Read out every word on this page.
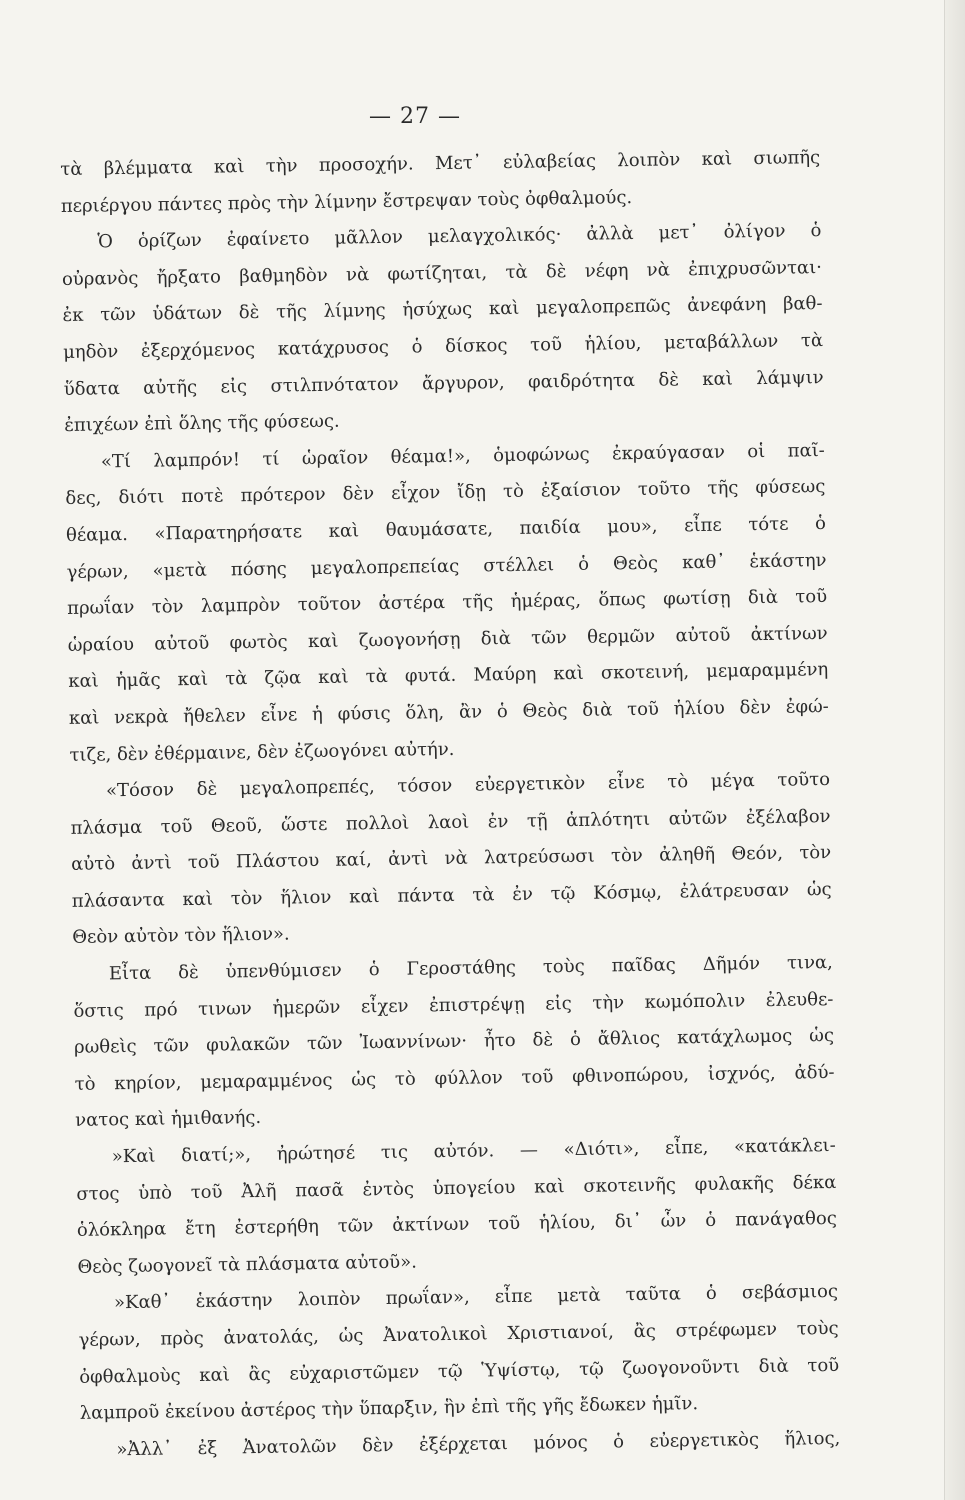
— 27 —
τὰ βλέμματα καὶ τὴν προσοχήν. Μετ᾽ εὐλαβείας λοιπὸν καὶ σιωπῆς
περιέργου πάντες πρὸς τὴν λίμνην ἔστρεψαν τοὺς ὀφθαλμούς.
Ὁ ὁρίζων ἐφαίνετο μᾶλλον μελαγχολικός· ἀλλὰ μετ᾽ ὀλίγον ὁ
οὐρανὸς ἤρξατο βαθμηδὸν νὰ φωτίζηται, τὰ δὲ νέφη νὰ ἐπιχρυσῶνται·
ἐκ τῶν ὑδάτων δὲ τῆς λίμνης ἡσύχως καὶ μεγαλοπρεπῶς ἀνεφάνη βαθ-
μηδὸν ἐξερχόμενος κατάχρυσος ὁ δίσκος τοῦ ἡλίου, μεταβάλλων τὰ
ὕδατα αὐτῆς εἰς στιλπνότατον ἄργυρον, φαιδρότητα δὲ καὶ λάμψιν
ἐπιχέων ἐπὶ ὅλης τῆς φύσεως.
«Τί λαμπρόν! τί ὡραῖον θέαμα!», ὁμοφώνως ἐκραύγασαν οἱ παῖ-
δες, διότι ποτὲ πρότερον δὲν εἶχον ἴδῃ τὸ ἐξαίσιον τοῦτο τῆς φύσεως
θέαμα. «Παρατηρήσατε καὶ θαυμάσατε, παιδία μου», εἶπε τότε ὁ
γέρων, «μετὰ πόσης μεγαλοπρεπείας στέλλει ὁ Θεὸς καθ᾽ ἑκάστην
πρωΐαν τὸν λαμπρὸν τοῦτον ἀστέρα τῆς ἡμέρας, ὅπως φωτίσῃ διὰ τοῦ
ὡραίου αὐτοῦ φωτὸς καὶ ζωογονήσῃ διὰ τῶν θερμῶν αὐτοῦ ἀκτίνων
καὶ ἡμᾶς καὶ τὰ ζῷα καὶ τὰ φυτά. Μαύρη καὶ σκοτεινή, μεμαραμμένη
καὶ νεκρὰ ἤθελεν εἶνε ἡ φύσις ὅλη, ἂν ὁ Θεὸς διὰ τοῦ ἡλίου δὲν ἐφώ-
τιζε, δὲν ἐθέρμαινε, δὲν ἐζωογόνει αὐτήν.
«Τόσον δὲ μεγαλοπρεπές, τόσον εὐεργετικὸν εἶνε τὸ μέγα τοῦτο
πλάσμα τοῦ Θεοῦ, ὥστε πολλοὶ λαοὶ ἐν τῇ ἁπλότητι αὐτῶν ἐξέλαβον
αὐτὸ ἀντὶ τοῦ Πλάστου καί, ἀντὶ νὰ λατρεύσωσι τὸν ἀληθῆ Θεόν, τὸν
πλάσαντα καὶ τὸν ἥλιον καὶ πάντα τὰ ἐν τῷ Κόσμῳ, ἐλάτρευσαν ὡς
Θεὸν αὐτὸν τὸν ἥλιον».
Εἶτα δὲ ὑπενθύμισεν ὁ Γεροστάθης τοὺς παῖδας Δῆμόν τινα,
ὅστις πρό τινων ἡμερῶν εἶχεν ἐπιστρέψῃ εἰς τὴν κωμόπολιν ἐλευθε-
ρωθεὶς τῶν φυλακῶν τῶν Ἰωαννίνων· ἦτο δὲ ὁ ἄθλιος κατάχλωμος ὡς
τὸ κηρίον, μεμαραμμένος ὡς τὸ φύλλον τοῦ φθινοπώρου, ἰσχνός, ἀδύ-
νατος καὶ ἡμιθανής.
»Καὶ διατί;», ἠρώτησέ τις αὐτόν. — «Διότι», εἶπε, «κατάκλει-
στος ὑπὸ τοῦ Ἀλῆ πασᾶ ἐντὸς ὑπογείου καὶ σκοτεινῆς φυλακῆς δέκα
ὁλόκληρα ἔτη ἐστερήθη τῶν ἀκτίνων τοῦ ἡλίου, δι᾽ ὧν ὁ πανάγαθος
Θεὸς ζωογονεῖ τὰ πλάσματα αὐτοῦ».
»Καθ᾽ ἑκάστην λοιπὸν πρωΐαν», εἶπε μετὰ ταῦτα ὁ σεβάσμιος
γέρων, πρὸς ἀνατολάς, ὡς Ἀνατολικοὶ Χριστιανοί, ἂς στρέφωμεν τοὺς
ὀφθαλμοὺς καὶ ἂς εὐχαριστῶμεν τῷ Ὑψίστῳ, τῷ ζωογονοῦντι διὰ τοῦ
λαμπροῦ ἐκείνου ἀστέρος τὴν ὕπαρξιν, ἣν ἐπὶ τῆς γῆς ἔδωκεν ἡμῖν.
»Ἀλλ᾽ ἐξ Ἀνατολῶν δὲν ἐξέρχεται μόνος ὁ εὐεργετικὸς ἥλιος,
